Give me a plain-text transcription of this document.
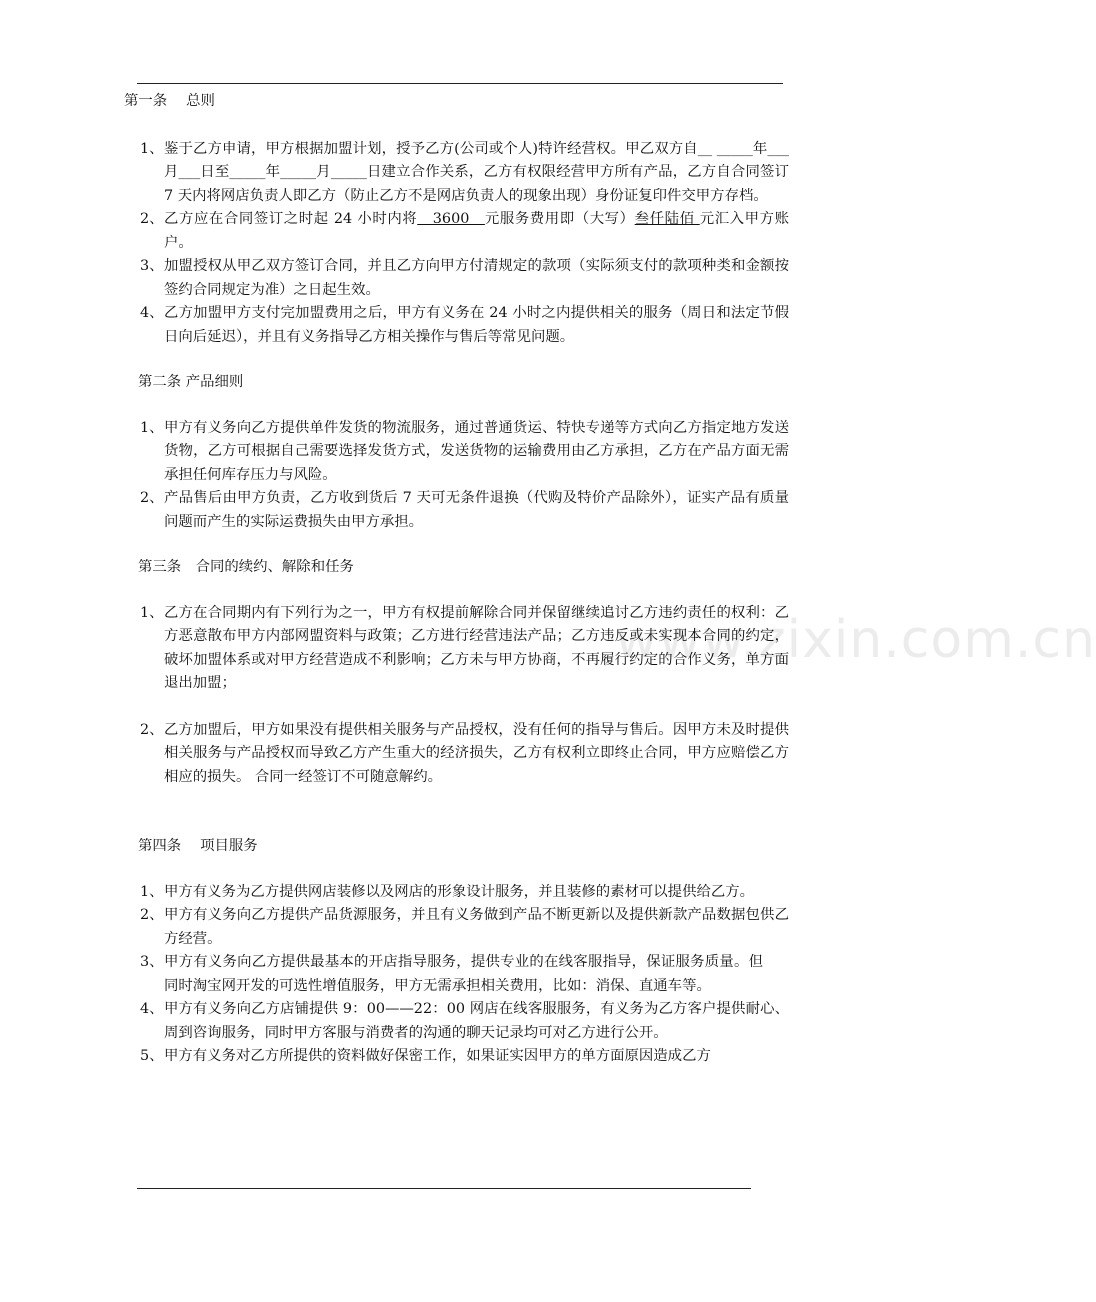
www.zixin.com.cn

第一条　 总则

1、 鉴于乙方申请，甲方根据加盟计划，授予乙方(公司或个人)特许经营权。甲乙双方自__ _____年___月___日至_____年_____月_____日建立合作关系，乙方有权限经营甲方所有产品，乙方自合同签订 7 天内将网店负责人即乙方（防止乙方不是网店负责人的现象出现）身份证复印件交甲方存档。
2、 乙方应在合同签订之时起 24 小时内将   3600   元服务费用即（大写）叁仟陆佰 元汇入甲方账户。
3、 加盟授权从甲乙双方签订合同，并且乙方向甲方付清规定的款项（实际须支付的款项种类和金额按签约合同规定为准）之日起生效。
4、 乙方加盟甲方支付完加盟费用之后，甲方有义务在 24 小时之内提供相关的服务（周日和法定节假日向后延迟），并且有义务指导乙方相关操作与售后等常见问题。

第二条 产品细则

1、 甲方有义务向乙方提供单件发货的物流服务，通过普通货运、特快专递等方式向乙方指定地方发送货物，乙方可根据自己需要选择发货方式，发送货物的运输费用由乙方承担，乙方在产品方面无需承担任何库存压力与风险。
2、 产品售后由甲方负责，乙方收到货后 7 天可无条件退换（代购及特价产品除外），证实产品有质量问题而产生的实际运费损失由甲方承担。

第三条　合同的续约、解除和任务

1、 乙方在合同期内有下列行为之一，甲方有权提前解除合同并保留继续追讨乙方违约责任的权利：乙方恶意散布甲方内部网盟资料与政策；乙方进行经营违法产品；乙方违反或未实现本合同的约定，破坏加盟体系或对甲方经营造成不利影响；乙方未与甲方协商，不再履行约定的合作义务，单方面退出加盟；
2、 乙方加盟后，甲方如果没有提供相关服务与产品授权，没有任何的指导与售后。因甲方未及时提供相关服务与产品授权而导致乙方产生重大的经济损失，乙方有权利立即终止合同，甲方应赔偿乙方相应的损失。 合同一经签订不可随意解约。

第四条　 项目服务

1、 甲方有义务为乙方提供网店装修以及网店的形象设计服务，并且装修的素材可以提供给乙方。
2、 甲方有义务向乙方提供产品货源服务，并且有义务做到产品不断更新以及提供新款产品数据包供乙方经营。
3、 甲方有义务向乙方提供最基本的开店指导服务，提供专业的在线客服指导，保证服务质量。但同时淘宝网开发的可选性增值服务，甲方无需承担相关费用，比如：消保、直通车等。
4、 甲方有义务向乙方店铺提供 9：00——22：00 网店在线客服服务，有义务为乙方客户提供耐心、周到咨询服务，同时甲方客服与消费者的沟通的聊天记录均可对乙方进行公开。
5、 甲方有义务对乙方所提供的资料做好保密工作，如果证实因甲方的单方面原因造成乙方
